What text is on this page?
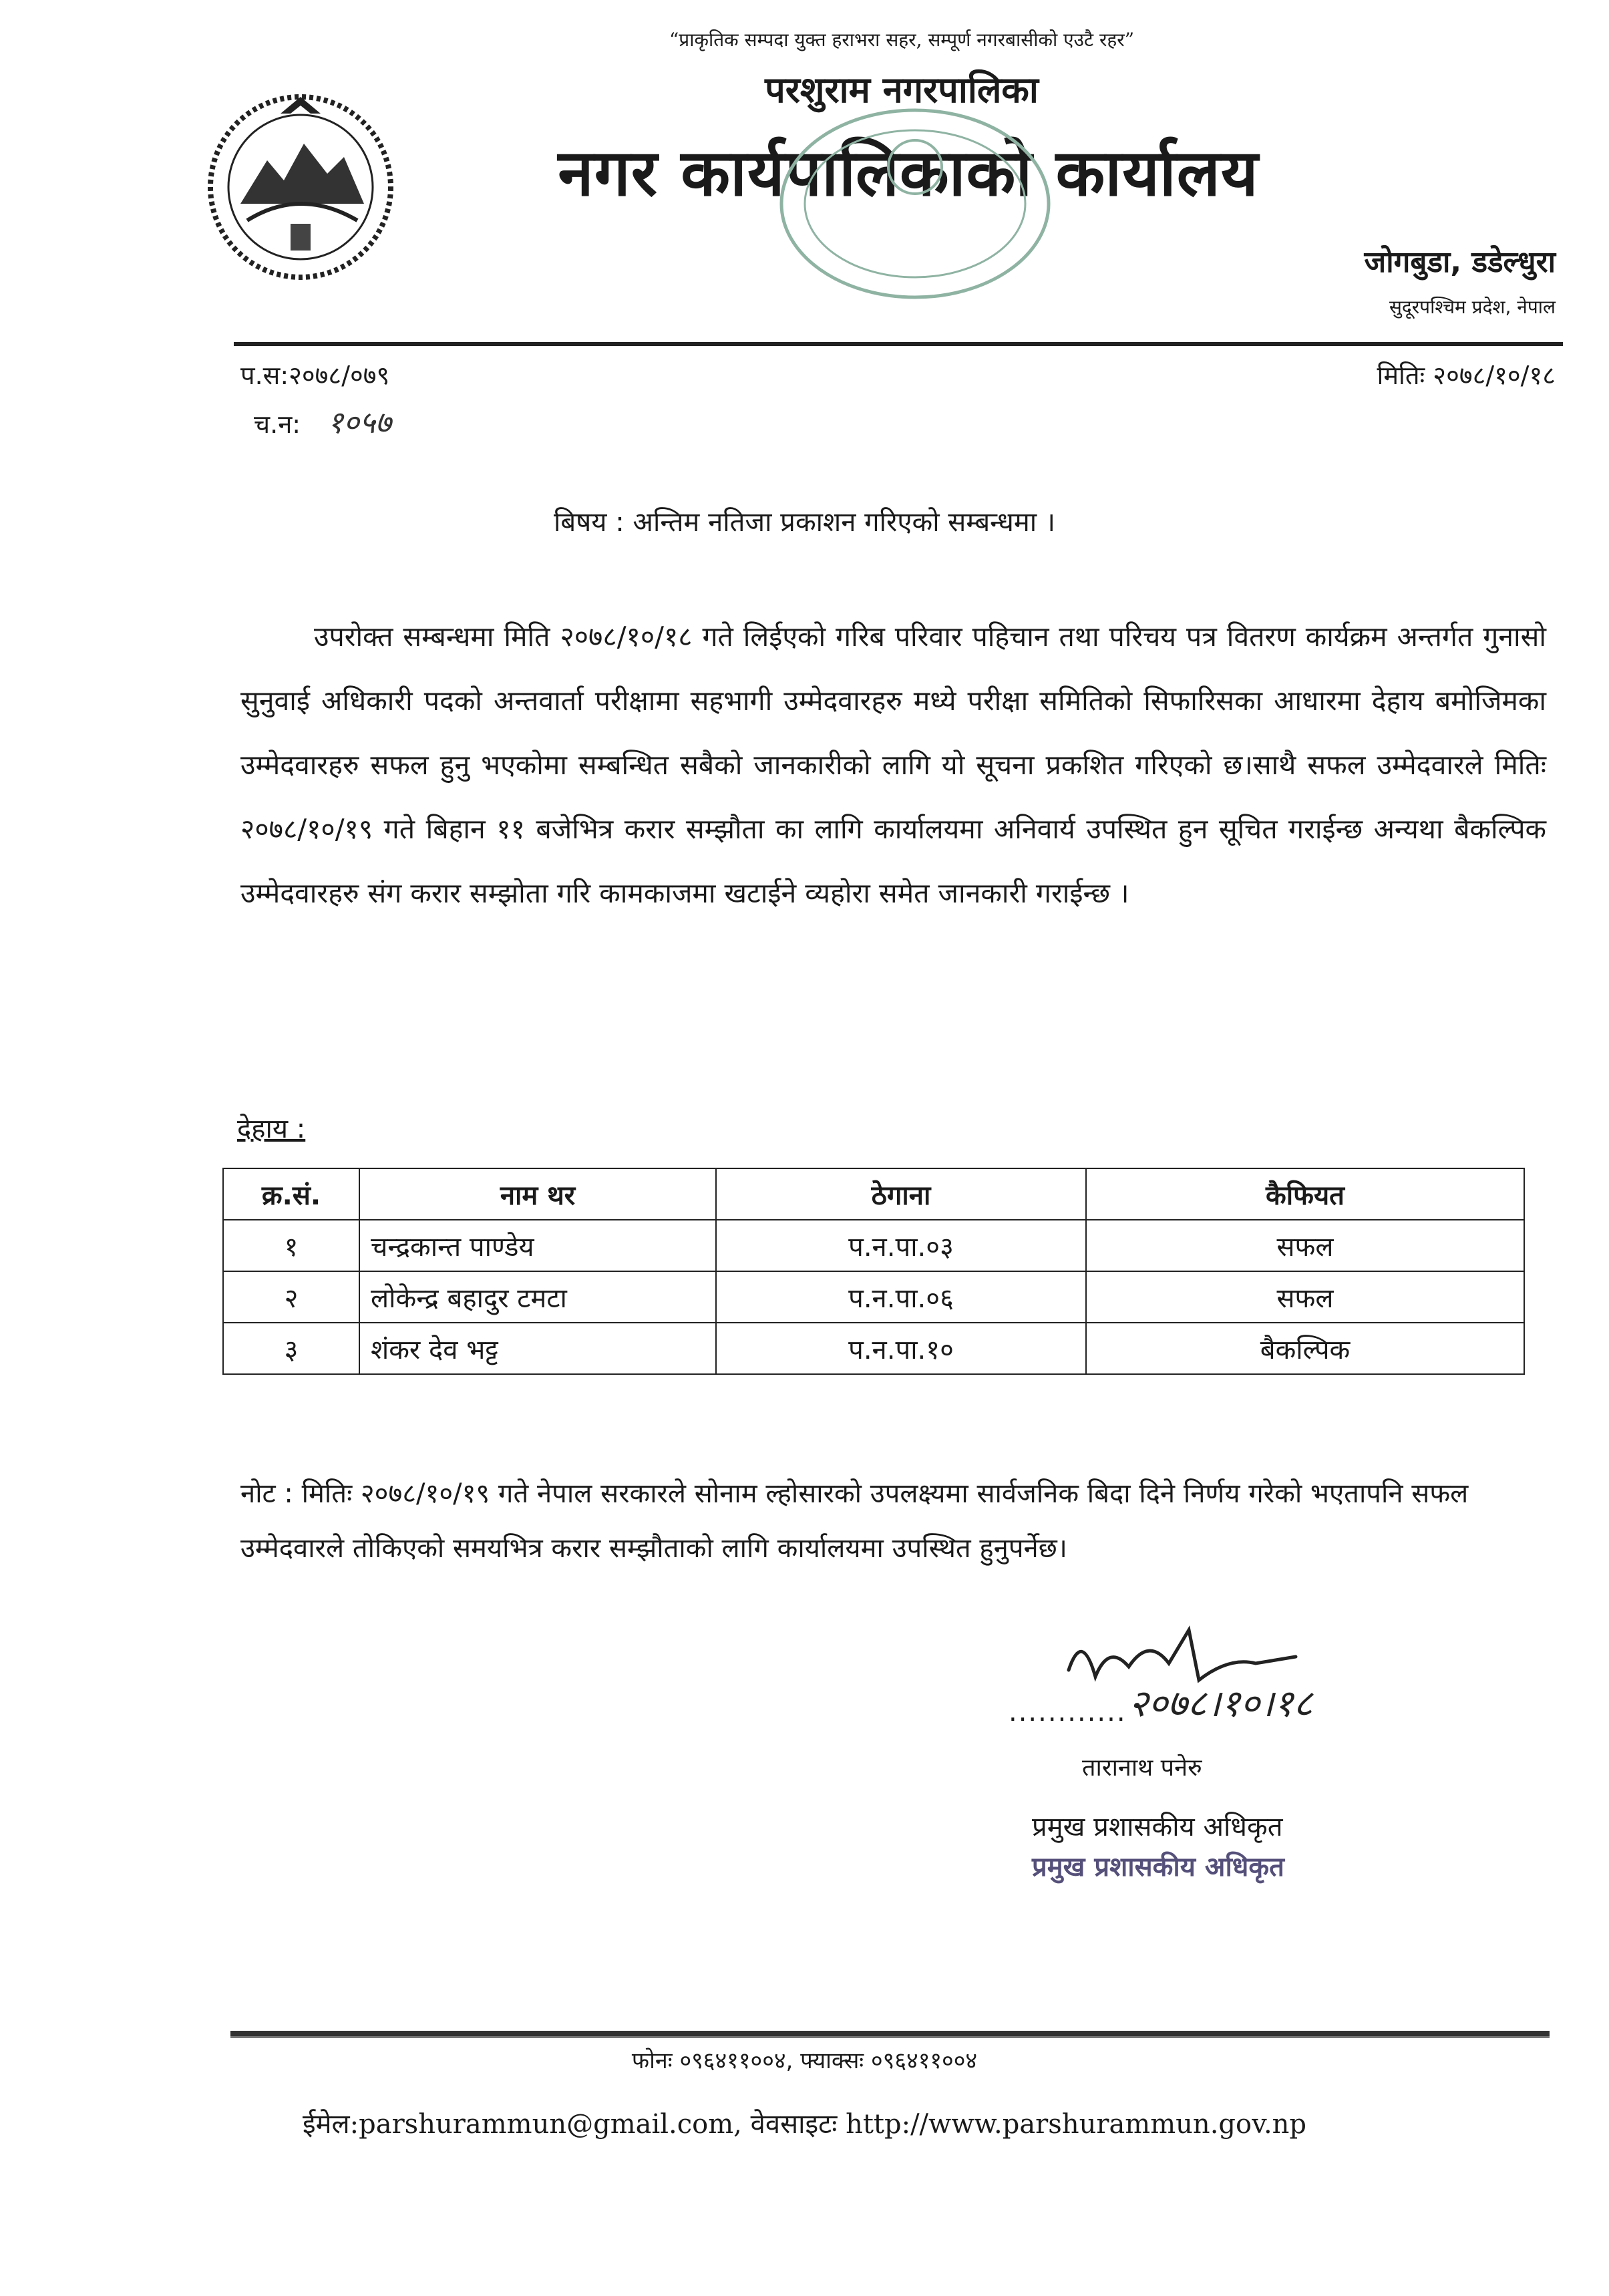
“प्राकृतिक सम्पदा युक्त हराभरा सहर, सम्पूर्ण नगरबासीको एउटै रहर”
परशुराम नगरपालिका
नगर कार्यपालिकाको कार्यालय
जोगबुडा, डडेल्धुरा
सुदूरपश्चिम प्रदेश, नेपाल
प.स:२०७८/०७९	मितिः २०७८/१०/१८
च.न: १०५७
बिषय : अन्तिम नतिजा प्रकाशन गरिएको सम्बन्धमा ।
उपरोक्त सम्बन्धमा मिति २०७८/१०/१८ गते लिईएको गरिब परिवार पहिचान तथा परिचय पत्र वितरण कार्यक्रम अन्तर्गत गुनासो सुनुवाई अधिकारी पदको अन्तवार्ता परीक्षामा सहभागी उम्मेदवारहरु मध्ये परीक्षा समितिको सिफारिसका आधारमा देहाय बमोजिमका उम्मेदवारहरु सफल हुनु भएकोमा सम्बन्धित सबैको जानकारीको लागि यो सूचना प्रकशित गरिएको छ।साथै सफल उम्मेदवारले मितिः २०७८/१०/१९ गते बिहान ११ बजेभित्र करार सम्झौता का लागि कार्यालयमा अनिवार्य उपस्थित हुन सूचित गराईन्छ अन्यथा बैकल्पिक उम्मेदवारहरु संग करार सम्झोता गरि कामकाजमा खटाईने व्यहोरा समेत जानकारी गराईन्छ ।
देहाय :
क्र.सं.	नाम थर	ठेगाना	कैफियत
१	चन्द्रकान्त पाण्डेय	प.न.पा.०३	सफल
२	लोकेन्द्र बहादुर टमटा	प.न.पा.०६	सफल
३	शंकर देव भट्ट	प.न.पा.१०	बैकल्पिक
नोट : मितिः २०७८/१०/१९ गते नेपाल सरकारले सोनाम ल्होसारको उपलक्ष्यमा सार्वजनिक बिदा दिने निर्णय गरेको भएतापनि सफल उम्मेदवारले तोकिएको समयभित्र करार सम्झौताको लागि कार्यालयमा उपस्थित हुनुपर्नेछ।
............ २०७८।१०।१८
तारानाथ पनेरु
प्रमुख प्रशासकीय अधिकृत
प्रमुख प्रशासकीय अधिकृत
फोनः ०९६४११००४, फ्याक्सः ०९६४११००४
ईमेल:parshurammun@gmail.com, वेवसाइटः http://www.parshurammun.gov.np
